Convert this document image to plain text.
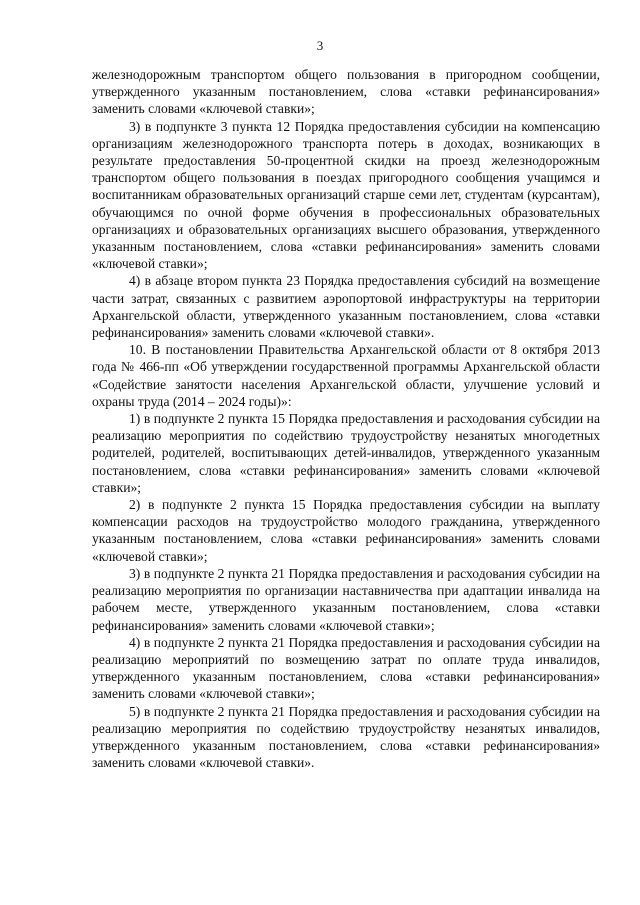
3

железнодорожным транспортом общего пользования в пригородном сообщении, утвержденного указанным постановлением, слова «ставки рефинансирования» заменить словами «ключевой ставки»;

3) в подпункте 3 пункта 12 Порядка предоставления субсидии на компенсацию организациям железнодорожного транспорта потерь в доходах, возникающих в результате предоставления 50-процентной скидки на проезд железнодорожным транспортом общего пользования в поездах пригородного сообщения учащимся и воспитанникам образовательных организаций старше семи лет, студентам (курсантам), обучающимся по очной форме обучения в профессиональных образовательных организациях и образовательных организациях высшего образования, утвержденного указанным постановлением, слова «ставки рефинансирования» заменить словами «ключевой ставки»;

4) в абзаце втором пункта 23 Порядка предоставления субсидий на возмещение части затрат, связанных с развитием аэропортовой инфраструктуры на территории Архангельской области, утвержденного указанным постановлением, слова «ставки рефинансирования» заменить словами «ключевой ставки».

10. В постановлении Правительства Архангельской области от 8 октября 2013 года № 466-пп «Об утверждении государственной программы Архангельской области «Содействие занятости населения Архангельской области, улучшение условий и охраны труда (2014 – 2024 годы)»:

1) в подпункте 2 пункта 15 Порядка предоставления и расходования субсидии на реализацию мероприятия по содействию трудоустройству незанятых многодетных родителей, родителей, воспитывающих детей-инвалидов, утвержденного указанным постановлением, слова «ставки рефинансирования» заменить словами «ключевой ставки»;

2) в подпункте 2 пункта 15 Порядка предоставления субсидии на выплату компенсации расходов на трудоустройство молодого гражданина, утвержденного указанным постановлением, слова «ставки рефинансирования» заменить словами «ключевой ставки»;

3) в подпункте 2 пункта 21 Порядка предоставления и расходования субсидии на реализацию мероприятия по организации наставничества при адаптации инвалида на рабочем месте, утвержденного указанным постановлением, слова «ставки рефинансирования» заменить словами «ключевой ставки»;

4) в подпункте 2 пункта 21 Порядка предоставления и расходования субсидии на реализацию мероприятий по возмещению затрат по оплате труда инвалидов, утвержденного указанным постановлением, слова «ставки рефинансирования» заменить словами «ключевой ставки»;

5) в подпункте 2 пункта 21 Порядка предоставления и расходования субсидии на реализацию мероприятия по содействию трудоустройству незанятых инвалидов, утвержденного указанным постановлением, слова «ставки рефинансирования» заменить словами «ключевой ставки».
